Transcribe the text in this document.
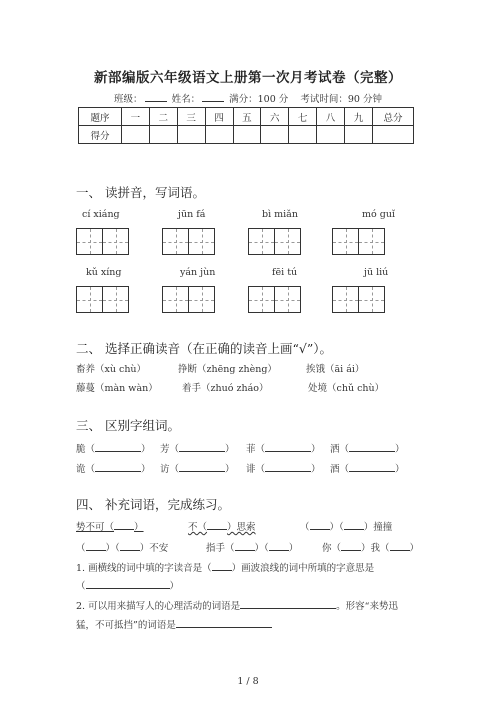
新部编版六年级语文上册第一次月考试卷（完整）
班级：	姓名：	满分：100 分 考试时间：90 分钟
题序	一	二	三	四	五	六	七	八	九	总分
得分										
一、 读拼音，写词语。
cí xiáng	jūn fá	bì miǎn	mó guǐ
kǔ xíng	yán jùn	fēi tú	jū liú
二、 选择正确读音（在正确的读音上画“√”）。
畜养（xù chù）	挣断（zhēng zhèng）	挨饿（āi ái）
藤蔓（màn wàn）	着手（zhuó zháo）	处境（chǔ chù）
三、 区别字组词。
脆（	） 芳（	） 菲（	） 洒（	）
诡（	） 访（	） 诽（	） 酒（	）
四、 补充词语，完成练习。
势不可（ ）	不（ ）思索	（ ）（ ）撞撞
（ ）（ ）不安	指手（ ）（ ） 你（ ）我（ ）
1. 画横线的词中填的字读音是（ ）画波浪线的词中所填的字意思是
（	）
2. 可以用来描写人的心理活动的词语是	。形容“来势迅
猛，不可抵挡”的词语是
1 / 8
